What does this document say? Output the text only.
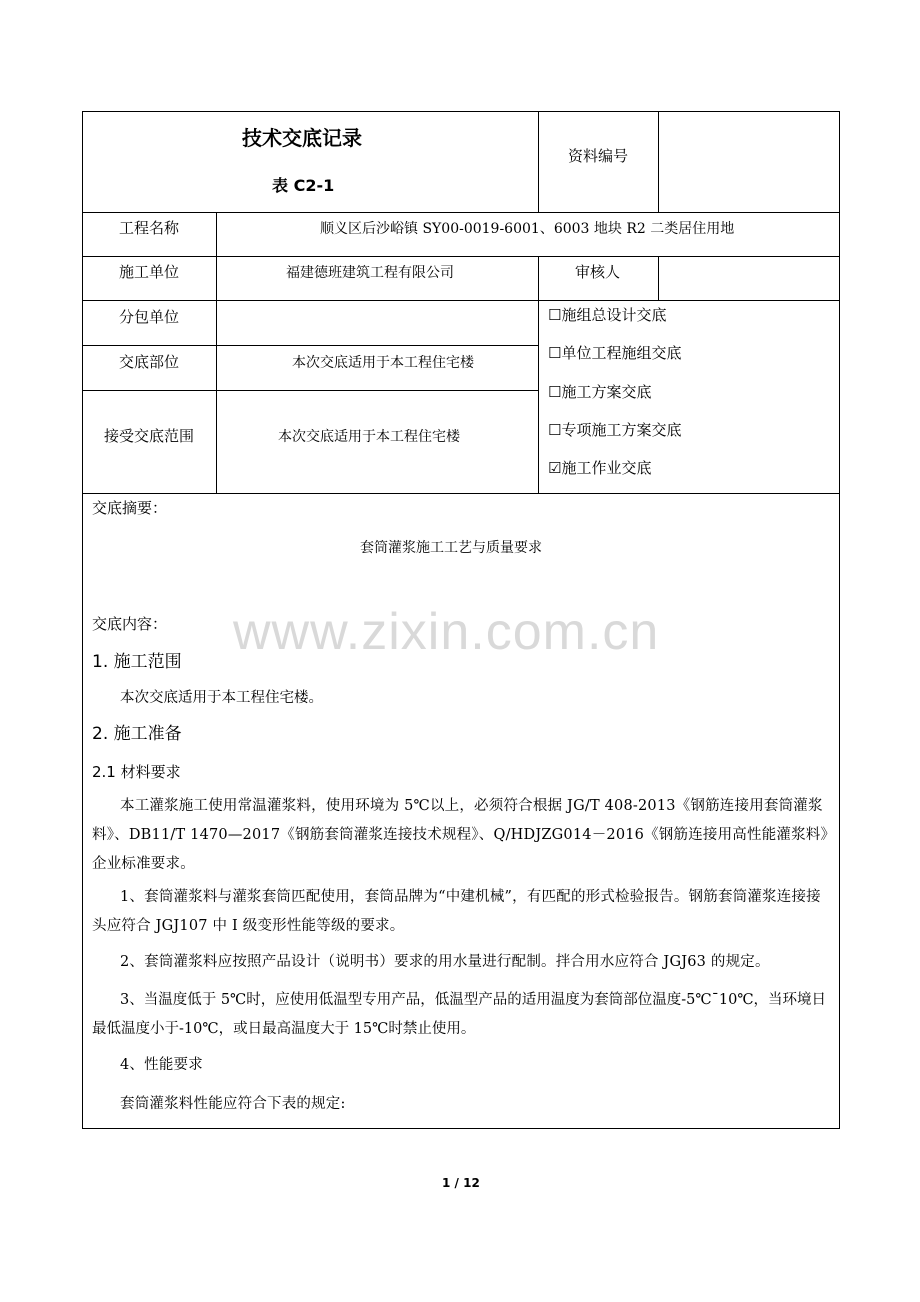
技术交底记录
表 C2-1
资料编号
工程名称	顺义区后沙峪镇 SY00-0019-6001、6003 地块 R2 二类居住用地
施工单位	福建德班建筑工程有限公司	审核人
分包单位
交底部位	本次交底适用于本工程住宅楼
接受交底范围	本次交底适用于本工程住宅楼
☐施组总设计交底
☐单位工程施组交底
☐施工方案交底
☐专项施工方案交底
☑施工作业交底
交底摘要：
套筒灌浆施工工艺与质量要求
www.zixin.com.cn
交底内容：
1. 施工范围
本次交底适用于本工程住宅楼。
2. 施工准备
2.1 材料要求
本工灌浆施工使用常温灌浆料，使用环境为 5℃以上，必须符合根据 JG/T 408-2013《钢筋连接用套筒灌浆料》、DB11/T 1470—2017《钢筋套筒灌浆连接技术规程》、Q/HDJZG014－2016《钢筋连接用高性能灌浆料》企业标准要求。
1、套筒灌浆料与灌浆套筒匹配使用，套筒品牌为“中建机械”，有匹配的形式检验报告。钢筋套筒灌浆连接接头应符合 JGJ107 中 I 级变形性能等级的要求。
2、套筒灌浆料应按照产品设计（说明书）要求的用水量进行配制。拌合用水应符合 JGJ63 的规定。
3、当温度低于 5℃时，应使用低温型专用产品，低温型产品的适用温度为套筒部位温度-5℃¯10℃，当环境日最低温度小于-10℃，或日最高温度大于 15℃时禁止使用。
4、性能要求
套筒灌浆料性能应符合下表的规定:
1 / 12
